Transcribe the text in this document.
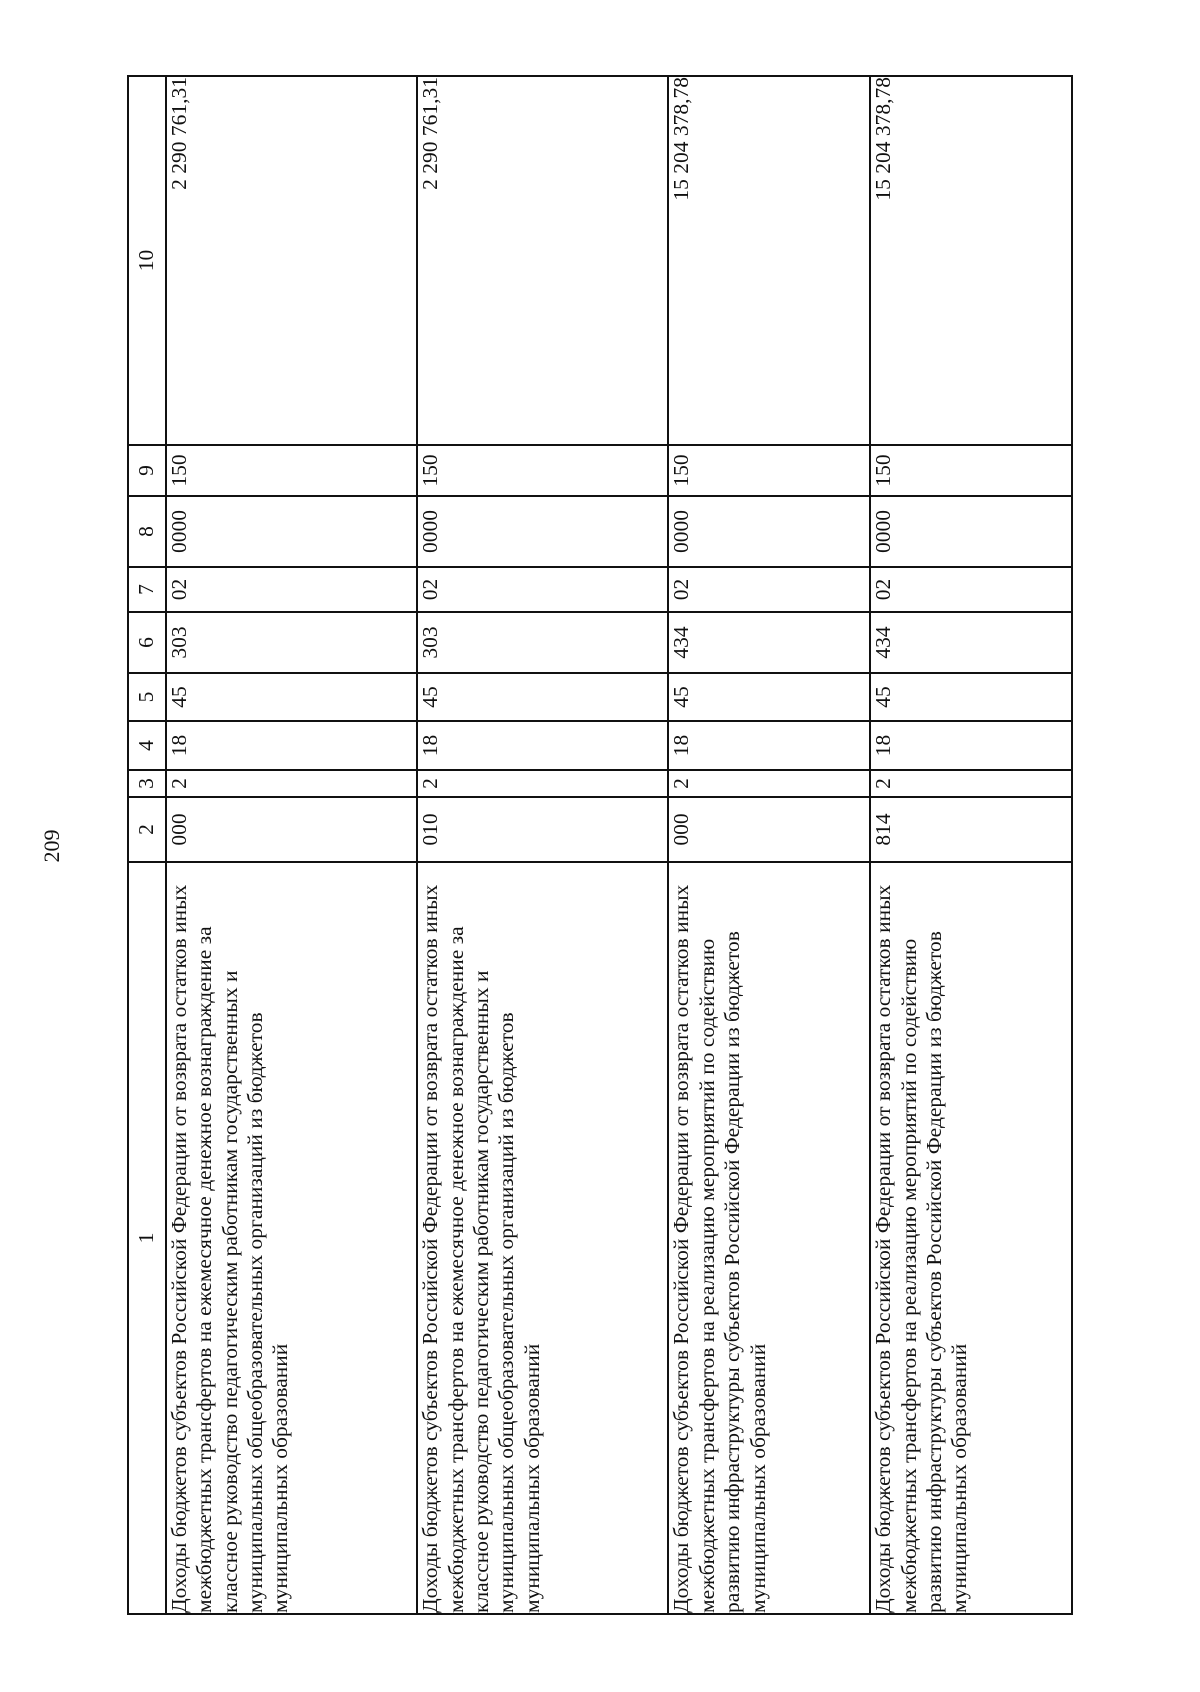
209
1	2	3	4	5	6	7	8	9	10
Доходы бюджетов субъектов Российской Федерации от возврата остатков иных межбюджетных трансфертов на ежемесячное денежное вознаграждение за классное руководство педагогическим работникам государственных и муниципальных общеобразовательных организаций из бюджетов муниципальных образований	000	2	18	45	303	02	0000	150	2 290 761,31

Доходы бюджетов субъектов Российской Федерации от возврата остатков иных межбюджетных трансфертов на ежемесячное денежное вознаграждение за классное руководство педагогическим работникам государственных и муниципальных общеобразовательных организаций из бюджетов муниципальных образований	010	2	18	45	303	02	0000	150	2 290 761,31

Доходы бюджетов субъектов Российской Федерации от возврата остатков иных межбюджетных трансфертов на реализацию мероприятий по содействию развитию инфраструктуры субъектов Российской Федерации из бюджетов муниципальных образований	000	2	18	45	434	02	0000	150	15 204 378,78

Доходы бюджетов субъектов Российской Федерации от возврата остатков иных межбюджетных трансфертов на реализацию мероприятий по содействию развитию инфраструктуры субъектов Российской Федерации из бюджетов муниципальных образований	814	2	18	45	434	02	0000	150	15 204 378,78
